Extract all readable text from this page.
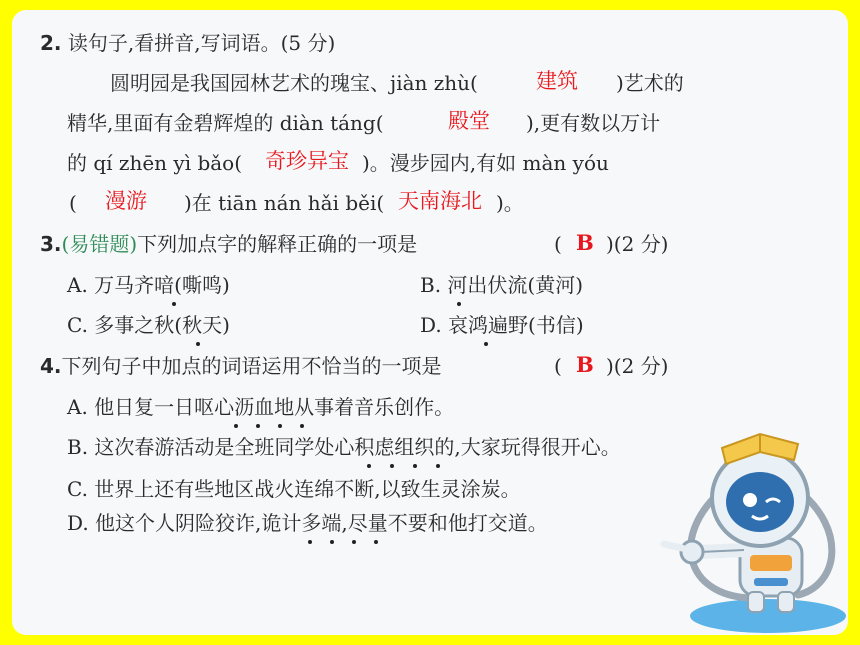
2. 读句子,看拼音,写词语。(5 分)
圆明园是我国园林艺术的瑰宝、jiàn zhù(	建筑 )艺术的
精华,里面有金碧辉煌的 diàn táng(	殿堂 ),更有数以万计
的 qí zhēn yì bǎo( 奇珍异宝 )。漫步园内,有如 màn yóu
( 漫游 )在 tiān nán hǎi běi( 天南海北 )。
3.(易错题)下列加点字的解释正确的一项是	( B )(2 分)
A. 万马齐喑(嘶鸣)	B. 河出伏流(黄河)
C. 多事之秋(秋天)	D. 哀鸿遍野(书信)
4.下列句子中加点的词语运用不恰当的一项是	( B )(2 分)
A. 他日复一日呕心沥血地从事着音乐创作。
B. 这次春游活动是全班同学处心积虑组织的,大家玩得很开心。
C. 世界上还有些地区战火连绵不断,以致生灵涂炭。
D. 他这个人阴险狡诈,诡计多端,尽量不要和他打交道。
